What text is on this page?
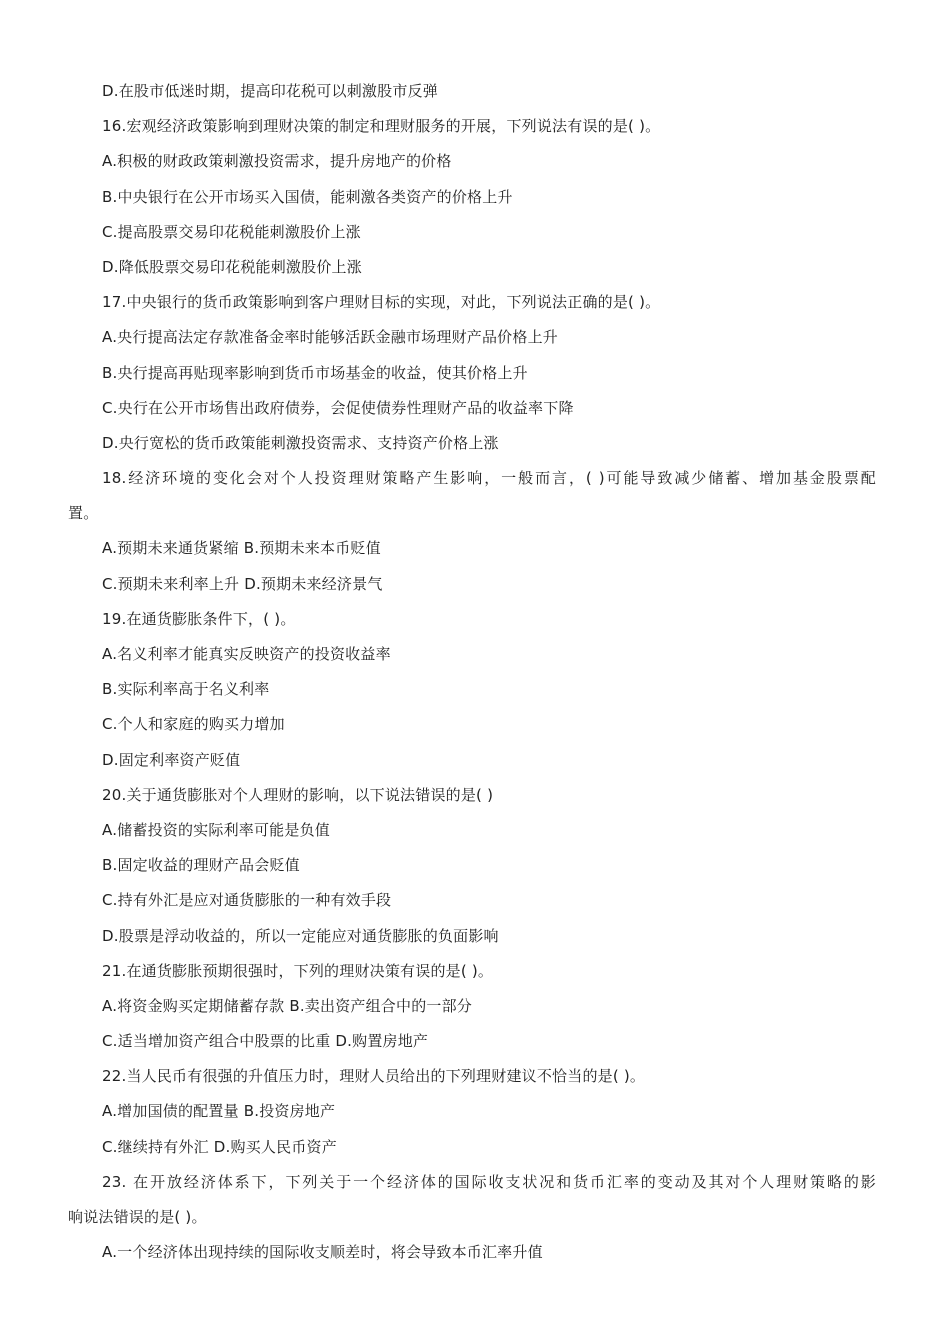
D.在股市低迷时期，提高印花税可以刺激股市反弹
16.宏观经济政策影响到理财决策的制定和理财服务的开展，下列说法有误的是( )。
A.积极的财政政策刺激投资需求，提升房地产的价格
B.中央银行在公开市场买入国债，能刺激各类资产的价格上升
C.提高股票交易印花税能刺激股价上涨
D.降低股票交易印花税能刺激股价上涨
17.中央银行的货币政策影响到客户理财目标的实现，对此，下列说法正确的是( )。
A.央行提高法定存款准备金率时能够活跃金融市场理财产品价格上升
B.央行提高再贴现率影响到货币市场基金的收益，使其价格上升
C.央行在公开市场售出政府债券，会促使债券性理财产品的收益率下降
D.央行宽松的货币政策能刺激投资需求、支持资产价格上涨
18.经济环境的变化会对个人投资理财策略产生影响，一般而言，( )可能导致减少储蓄、增加基金股票配
置。
A.预期未来通货紧缩 B.预期未来本币贬值
C.预期未来利率上升 D.预期未来经济景气
19.在通货膨胀条件下，( )。
A.名义利率才能真实反映资产的投资收益率
B.实际利率高于名义利率
C.个人和家庭的购买力增加
D.固定利率资产贬值
20.关于通货膨胀对个人理财的影响，以下说法错误的是( )
A.储蓄投资的实际利率可能是负值
B.固定收益的理财产品会贬值
C.持有外汇是应对通货膨胀的一种有效手段
D.股票是浮动收益的，所以一定能应对通货膨胀的负面影响
21.在通货膨胀预期很强时，下列的理财决策有误的是( )。
A.将资金购买定期储蓄存款 B.卖出资产组合中的一部分
C.适当增加资产组合中股票的比重 D.购置房地产
22.当人民币有很强的升值压力时，理财人员给出的下列理财建议不恰当的是( )。
A.增加国债的配置量 B.投资房地产
C.继续持有外汇 D.购买人民币资产
23. 在开放经济体系下，下列关于一个经济体的国际收支状况和货币汇率的变动及其对个人理财策略的影
响说法错误的是( )。
A.一个经济体出现持续的国际收支顺差时，将会导致本币汇率升值
